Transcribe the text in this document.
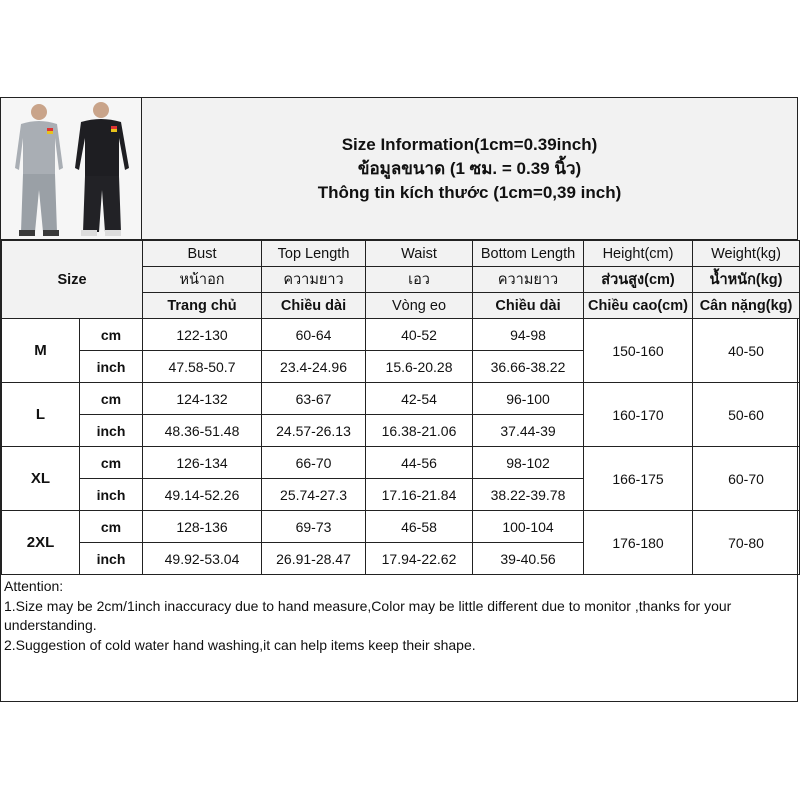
Size Information(1cm=0.39inch)
ข้อมูลขนาด (1 ซม. = 0.39 นิ้ว)
Thông tin kích thước (1cm=0,39 inch)
Size		Bust	Top Length	Waist	Bottom Length	Height(cm)	Weight(kg)
		หน้าอก	ความยาว	เอว	ความยาว	ส่วนสูง(cm)	น้ำหนัก(kg)
		Trang chủ	Chiều dài	Vòng eo	Chiều dài	Chiều cao(cm)	Cân nặng(kg)
M	cm	122-130	60-64	40-52	94-98	150-160	40-50
	inch	47.58-50.7	23.4-24.96	15.6-20.28	36.66-38.22		
L	cm	124-132	63-67	42-54	96-100	160-170	50-60
	inch	48.36-51.48	24.57-26.13	16.38-21.06	37.44-39		
XL	cm	126-134	66-70	44-56	98-102	166-175	60-70
	inch	49.14-52.26	25.74-27.3	17.16-21.84	38.22-39.78		
2XL	cm	128-136	69-73	46-58	100-104	176-180	70-80
	inch	49.92-53.04	26.91-28.47	17.94-22.62	39-40.56		

Attention:

1.Size may be 2cm/1inch inaccuracy due to hand measure,Color may be little different due to monitor ,thanks for your understanding.

2.Suggestion of cold water hand washing,it can help items keep their shape.
